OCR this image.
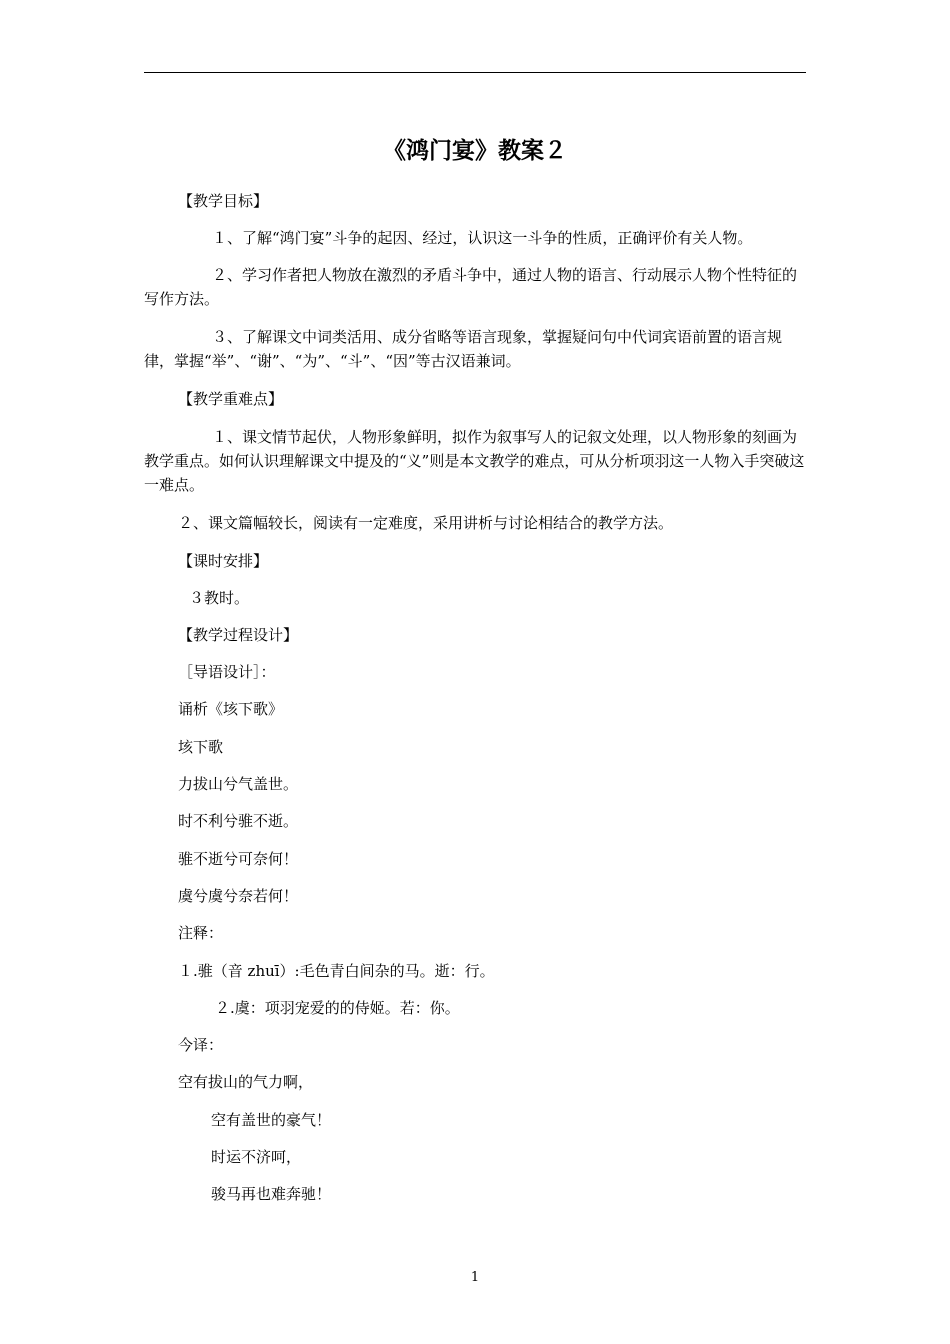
《鸿门宴》教案２
【教学目标】
１、了解“鸿门宴”斗争的起因、经过，认识这一斗争的性质，正确评价有关人物。
２、学习作者把人物放在激烈的矛盾斗争中，通过人物的语言、行动展示人物个性特征的写作方法。
３、了解课文中词类活用、成分省略等语言现象，掌握疑问句中代词宾语前置的语言规律，掌握“举”、“谢”、“为”、“斗”、“因”等古汉语兼词。
【教学重难点】
１、课文情节起伏，人物形象鲜明，拟作为叙事写人的记叙文处理，以人物形象的刻画为教学重点。如何认识理解课文中提及的“义”则是本文教学的难点，可从分析项羽这一人物入手突破这一难点。
２、课文篇幅较长，阅读有一定难度，采用讲析与讨论相结合的教学方法。
【课时安排】
３教时。
【教学过程设计】
［导语设计］：
诵析《垓下歌》
垓下歌
力拔山兮气盖世。
时不利兮骓不逝。
骓不逝兮可奈何！
虞兮虞兮奈若何！
注释：
１.骓（音 zhuī）:毛色青白间杂的马。逝：行。
２.虞：项羽宠爱的的侍姬。若：你。
今译：
空有拔山的气力啊，
空有盖世的豪气！
时运不济呵，
骏马再也难奔驰！
1
